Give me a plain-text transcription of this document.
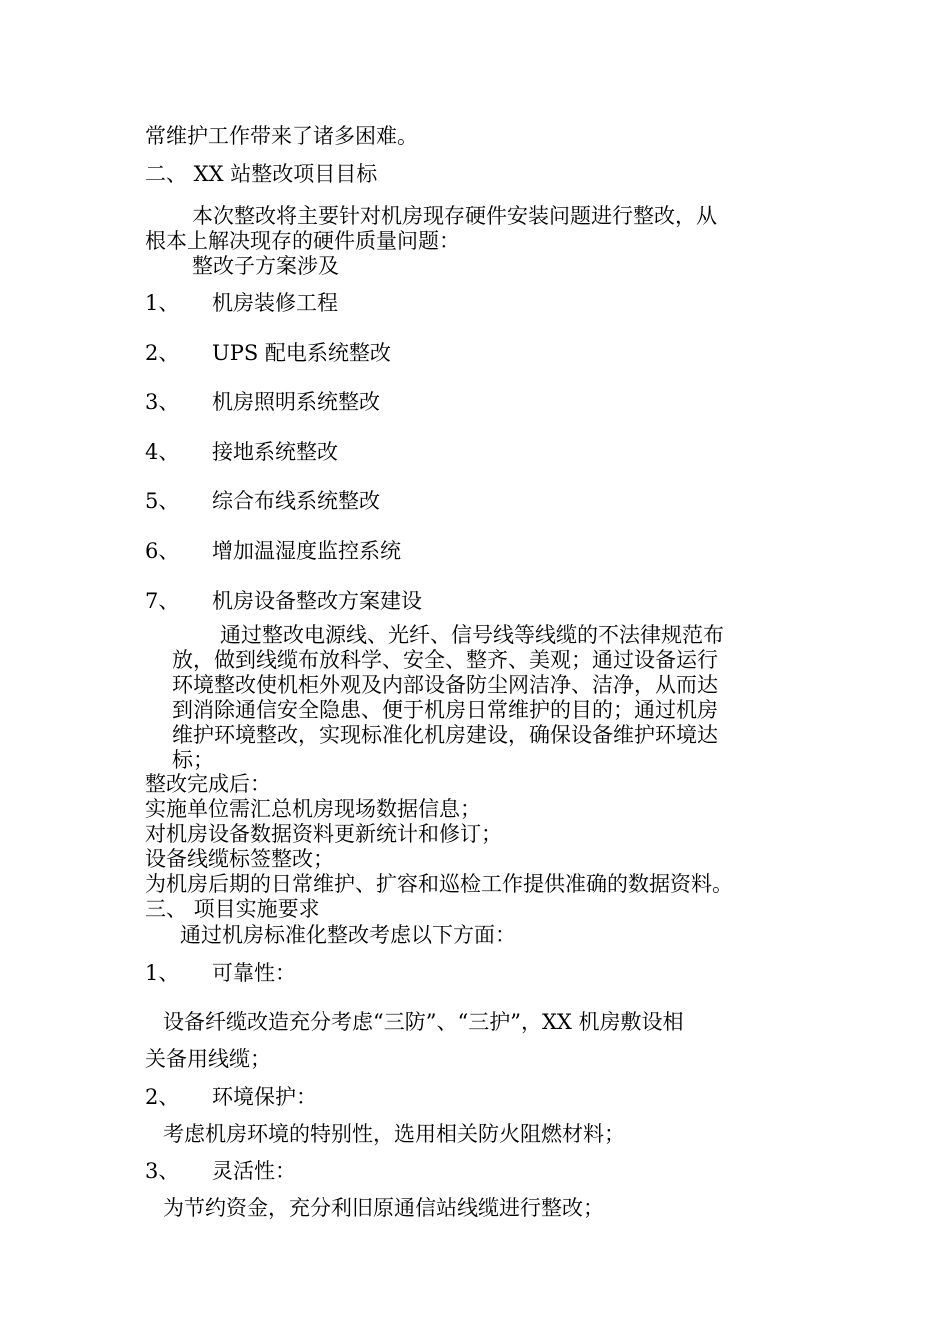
常维护工作带来了诸多困难。
二、 XX 站整改项目目标
本次整改将主要针对机房现存硬件安装问题进行整改，从
根本上解决现存的硬件质量问题：
整改子方案涉及
1、 机房装修工程
2、 UPS 配电系统整改
3、 机房照明系统整改
4、 接地系统整改
5、 综合布线系统整改
6、 增加温湿度监控系统
7、 机房设备整改方案建设

通过整改电源线、光纤、信号线等线缆的不法律规范布

放，做到线缆布放科学、安全、整齐、美观；通过设备运行

环境整改使机柜外观及内部设备防尘网洁净、洁净，从而达

到消除通信安全隐患、便于机房日常维护的目的；通过机房

维护环境整改，实现标准化机房建设，确保设备维护环境达

标；

整改完成后：
实施单位需汇总机房现场数据信息；
对机房设备数据资料更新统计和修订；
设备线缆标签整改；
为机房后期的日常维护、扩容和巡检工作提供准确的数据资料。
三、 项目实施要求
通过机房标准化整改考虑以下方面：
1、 可靠性：
设备纤缆改造充分考虑“三防”、“三护”，XX 机房敷设相
关备用线缆；
2、 环境保护：
考虑机房环境的特别性，选用相关防火阻燃材料；
3、 灵活性：
为节约资金，充分利旧原通信站线缆进行整改；
